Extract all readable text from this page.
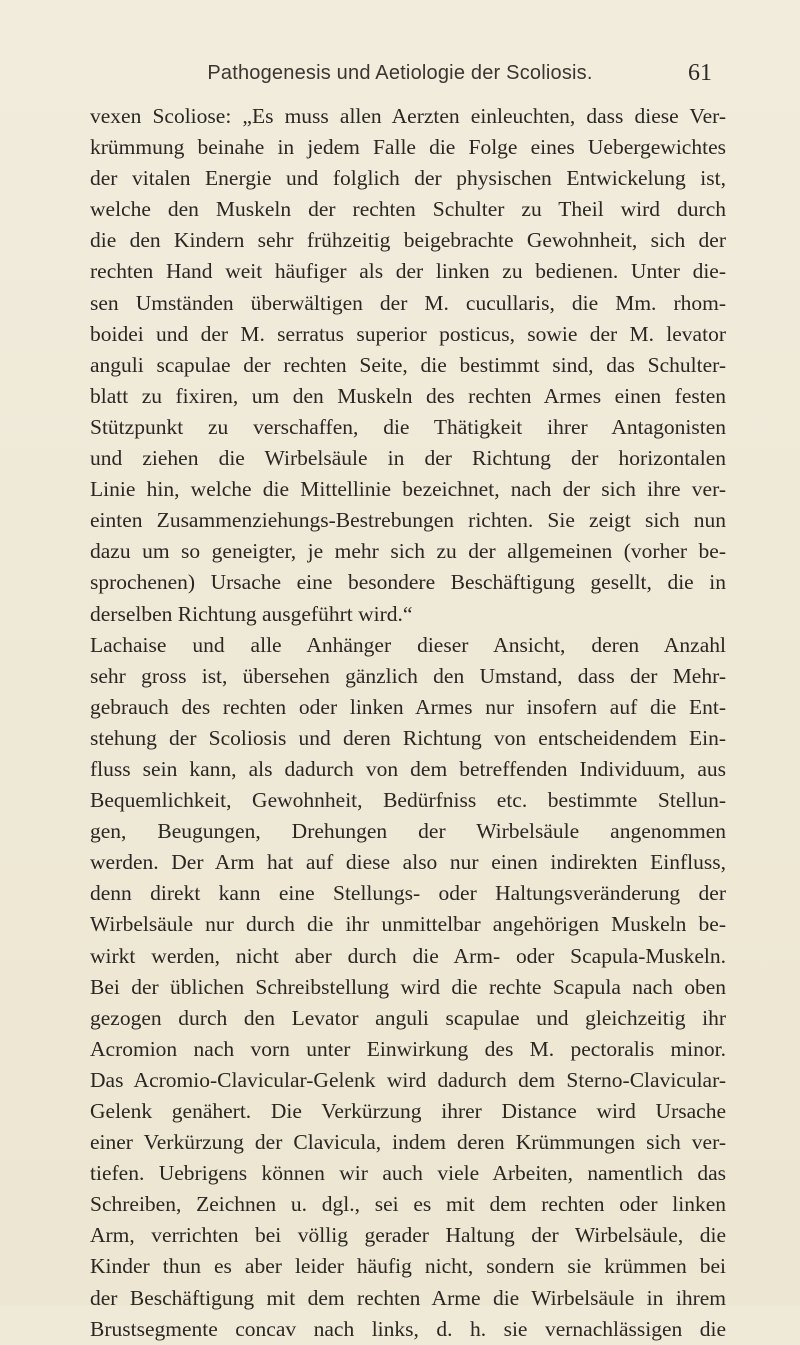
Pathogenesis und Aetiologie der Scoliosis.	61
vexen Scoliose: „Es muss allen Aerzten einleuchten, dass diese Ver-
krümmung beinahe in jedem Falle die Folge eines Uebergewichtes
der vitalen Energie und folglich der physischen Entwickelung ist,
welche den Muskeln der rechten Schulter zu Theil wird durch
die den Kindern sehr frühzeitig beigebrachte Gewohnheit, sich der
rechten Hand weit häufiger als der linken zu bedienen. Unter die-
sen Umständen überwältigen der M. cucullaris, die Mm. rhom-
boidei und der M. serratus superior posticus, sowie der M. levator
anguli scapulae der rechten Seite, die bestimmt sind, das Schulter-
blatt zu fixiren, um den Muskeln des rechten Armes einen festen
Stützpunkt zu verschaffen, die Thätigkeit ihrer Antagonisten
und ziehen die Wirbelsäule in der Richtung der horizontalen
Linie hin, welche die Mittellinie bezeichnet, nach der sich ihre ver-
einten Zusammenziehungs-Bestrebungen richten. Sie zeigt sich nun
dazu um so geneigter, je mehr sich zu der allgemeinen (vorher be-
sprochenen) Ursache eine besondere Beschäftigung gesellt, die in
derselben Richtung ausgeführt wird.“
Lachaise und alle Anhänger dieser Ansicht, deren Anzahl
sehr gross ist, übersehen gänzlich den Umstand, dass der Mehr-
gebrauch des rechten oder linken Armes nur insofern auf die Ent-
stehung der Scoliosis und deren Richtung von entscheidendem Ein-
fluss sein kann, als dadurch von dem betreffenden Individuum, aus
Bequemlichkeit, Gewohnheit, Bedürfniss etc. bestimmte Stellun-
gen, Beugungen, Drehungen der Wirbelsäule angenommen
werden. Der Arm hat auf diese also nur einen indirekten Einfluss,
denn direkt kann eine Stellungs- oder Haltungsveränderung der
Wirbelsäule nur durch die ihr unmittelbar angehörigen Muskeln be-
wirkt werden, nicht aber durch die Arm- oder Scapula-Muskeln.
Bei der üblichen Schreibstellung wird die rechte Scapula nach oben
gezogen durch den Levator anguli scapulae und gleichzeitig ihr
Acromion nach vorn unter Einwirkung des M. pectoralis minor.
Das Acromio-Clavicular-Gelenk wird dadurch dem Sterno-Clavicular-
Gelenk genähert. Die Verkürzung ihrer Distance wird Ursache
einer Verkürzung der Clavicula, indem deren Krümmungen sich ver-
tiefen. Uebrigens können wir auch viele Arbeiten, namentlich das
Schreiben, Zeichnen u. dgl., sei es mit dem rechten oder linken
Arm, verrichten bei völlig gerader Haltung der Wirbelsäule, die
Kinder thun es aber leider häufig nicht, sondern sie krümmen bei
der Beschäftigung mit dem rechten Arme die Wirbelsäule in ihrem
Brustsegmente concav nach links, d. h. sie vernachlässigen die
